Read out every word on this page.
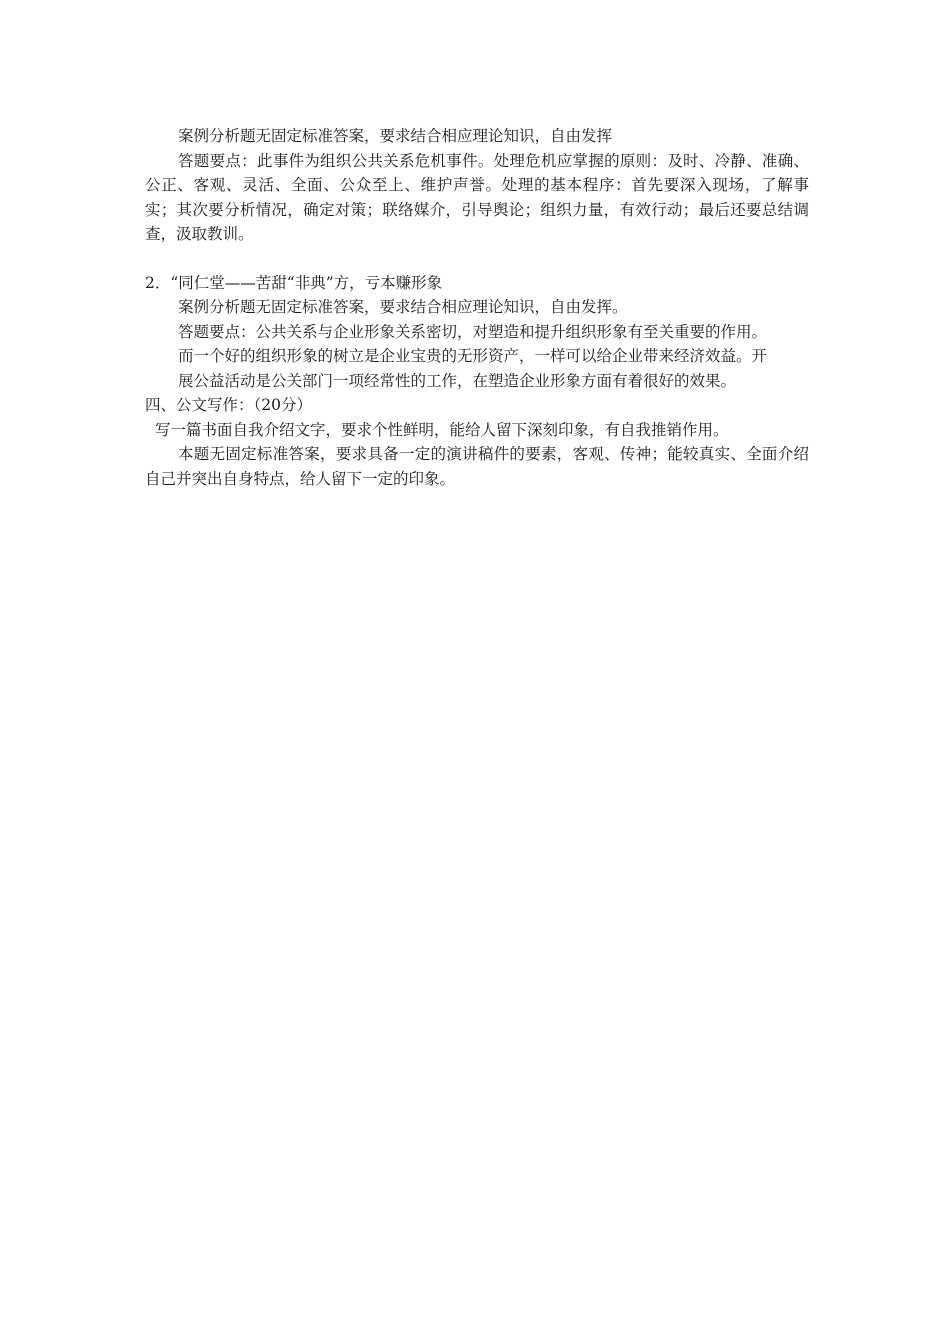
案例分析题无固定标准答案，要求结合相应理论知识，自由发挥

答题要点：此事件为组织公共关系危机事件。处理危机应掌握的原则：及时、冷静、准确、公正、客观、灵活、全面、公众至上、维护声誉。处理的基本程序：首先要深入现场，了解事实；其次要分析情况，确定对策；联络媒介，引导舆论；组织力量，有效行动；最后还要总结调查，汲取教训。

2．“同仁堂——苦甜“非典”方，亏本赚形象

案例分析题无固定标准答案，要求结合相应理论知识，自由发挥。

答题要点：公共关系与企业形象关系密切，对塑造和提升组织形象有至关重要的作用。

而一个好的组织形象的树立是企业宝贵的无形资产，一样可以给企业带来经济效益。开

展公益活动是公关部门一项经常性的工作，在塑造企业形象方面有着很好的效果。

四、公文写作：（20分）

写一篇书面自我介绍文字，要求个性鲜明，能给人留下深刻印象，有自我推销作用。

本题无固定标准答案，要求具备一定的演讲稿件的要素，客观、传神；能较真实、全面介绍自己并突出自身特点，给人留下一定的印象。
